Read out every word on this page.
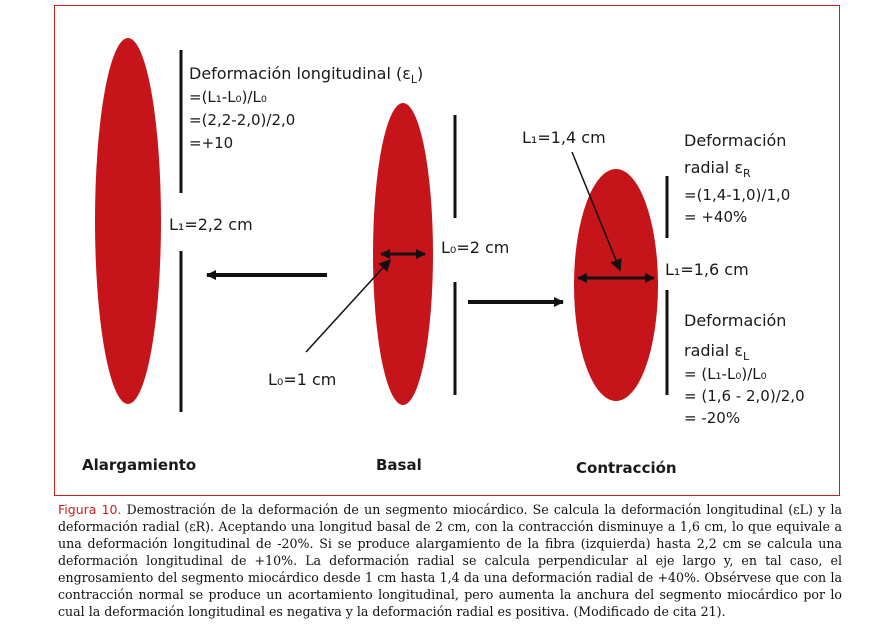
Deformación longitudinal $(\varepsilon_L)$
=(L₁-L₀)/L₀
=(2,2-2,0)/2,0
=+10
L₁=2,2 cm
Alargamiento
L₀=1 cm
L₀=2 cm
Basal
L₁=1,4 cm	Deformación
radial $\varepsilon_R$
=(1,4-1,0)/1,0
= +40%
L₁=1,6 cm
Deformación
radial $\varepsilon_L$
= (L₁-L₀)/L₀
= (1,6 - 2,0)/2,0
= -20%
Contracción
Figura 10. Demostración de la deformación de un segmento miocárdico. Se calcula la deformación longitudinal (εL) y la deformación radial (εR). Aceptando una longitud basal de 2 cm, con la contracción disminuye a 1,6 cm, lo que equivale a una deformación longitudinal de -20%. Si se produce alargamiento de la fibra (izquierda) hasta 2,2 cm se calcula una deformación longitudinal de +10%. La deformación radial se calcula perpendicular al eje largo y, en tal caso, el engrosamiento del segmento miocárdico desde 1 cm hasta 1,4 da una deformación radial de +40%. Obsérvese que con la contracción normal se produce un acortamiento longitudinal, pero aumenta la anchura del segmento miocárdico por lo cual la deformación longitudinal es negativa y la deformación radial es positiva. (Modificado de cita 21).
